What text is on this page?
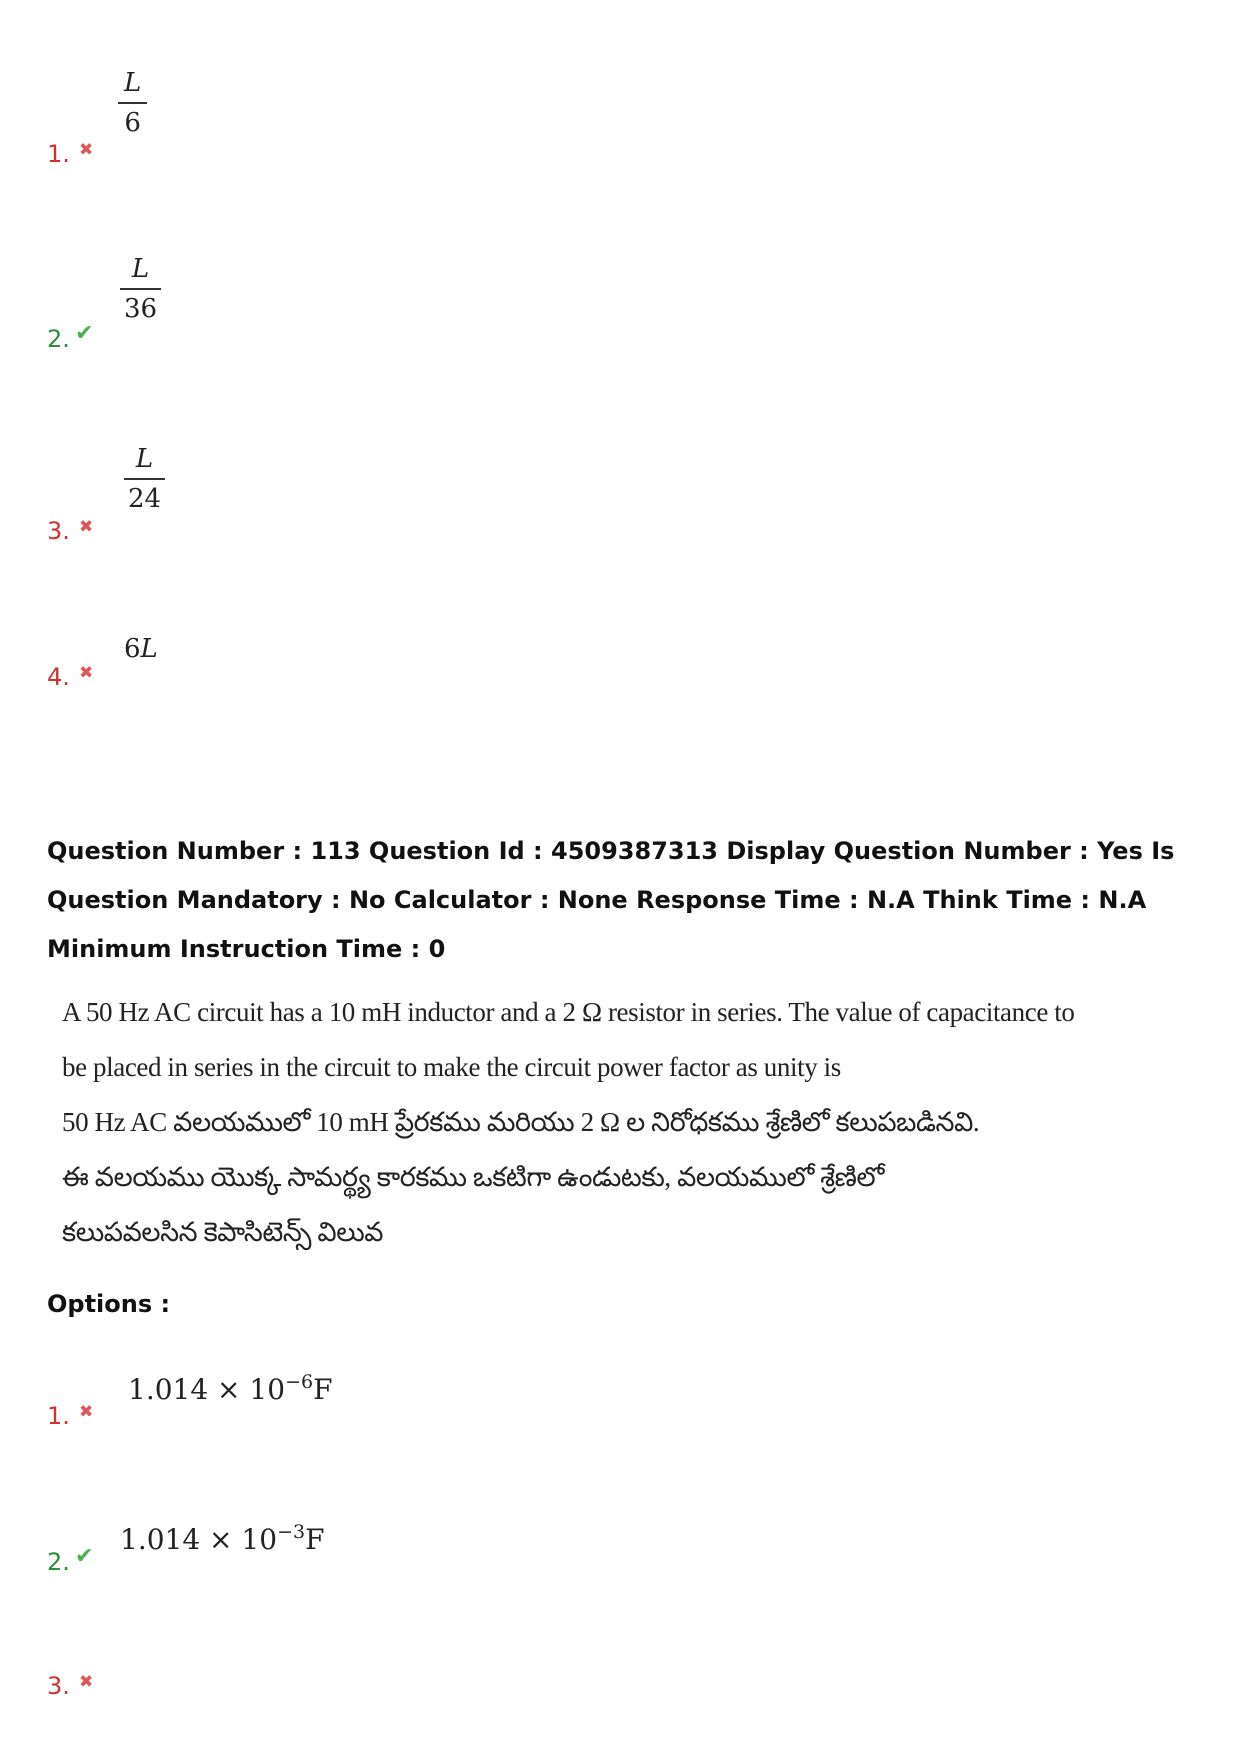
1. ✖
$\frac{L}{6}$
2. ✔
$\frac{L}{36}$
3. ✖
$\frac{L}{24}$
4. ✖
6L
Question Number : 113 Question Id : 4509387313 Display Question Number : Yes Is Question Mandatory : No Calculator : None Response Time : N.A Think Time : N.A Minimum Instruction Time : 0
A 50 Hz AC circuit has a 10 mH inductor and a 2 Ω resistor in series. The value of capacitance to
be placed in series in the circuit to make the circuit power factor as unity is
50 Hz AC వలయములో 10 mH ప్రేరకము మరియు 2 Ω ల నిరోధకము శ్రేణిలో కలుపబడినవి.
ఈ వలయము యొక్క సామర్థ్య కారకము ఒకటిగా ఉండుటకు, వలయములో శ్రేణిలో
కలుపవలసిన కెపాసిటెన్స్ విలువ
Options :
1. ✖
$1.014 \times 10^{-6}F$
2. ✔
$1.014 \times 10^{-3}F$
3. ✖
